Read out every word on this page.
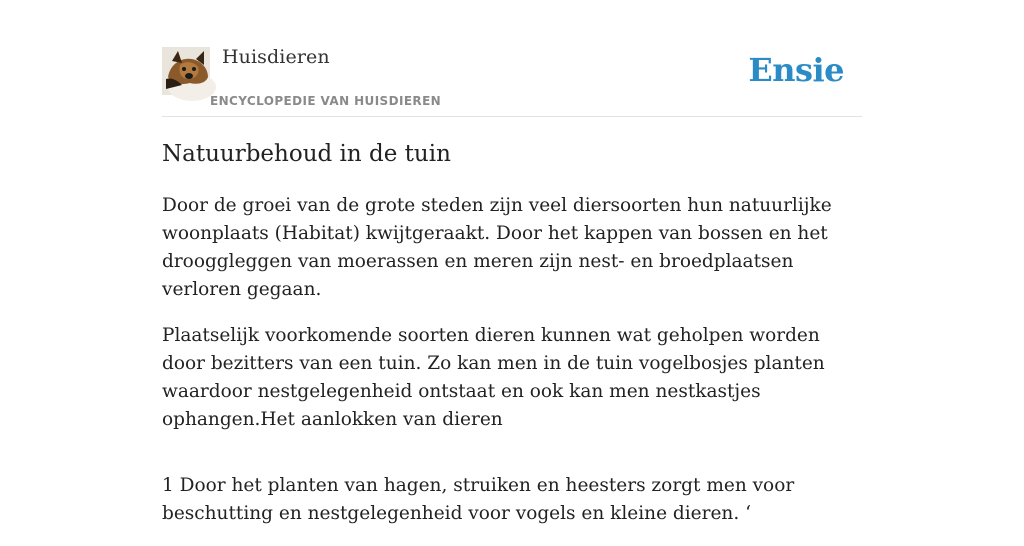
Huisdieren
ENCYCLOPEDIE VAN HUISDIEREN
Ensie
Natuurbehoud in de tuin

Door de groei van de grote steden zijn veel diersoorten hun natuurlijke woonplaats (Habitat) kwijtgeraakt. Door het kappen van bossen en het drooggleggen van moerassen en meren zijn nest- en broedplaatsen verloren gegaan.

Plaatselijk voorkomende soorten dieren kunnen wat geholpen worden door bezitters van een tuin. Zo kan men in de tuin vogelbosjes planten waardoor nestgelegenheid ontstaat en ook kan men nestkastjes ophangen.Het aanlokken van dieren

1 Door het planten van hagen, struiken en heesters zorgt men voor beschutting en nestgelegenheid voor vogels en kleine dieren. ‘
